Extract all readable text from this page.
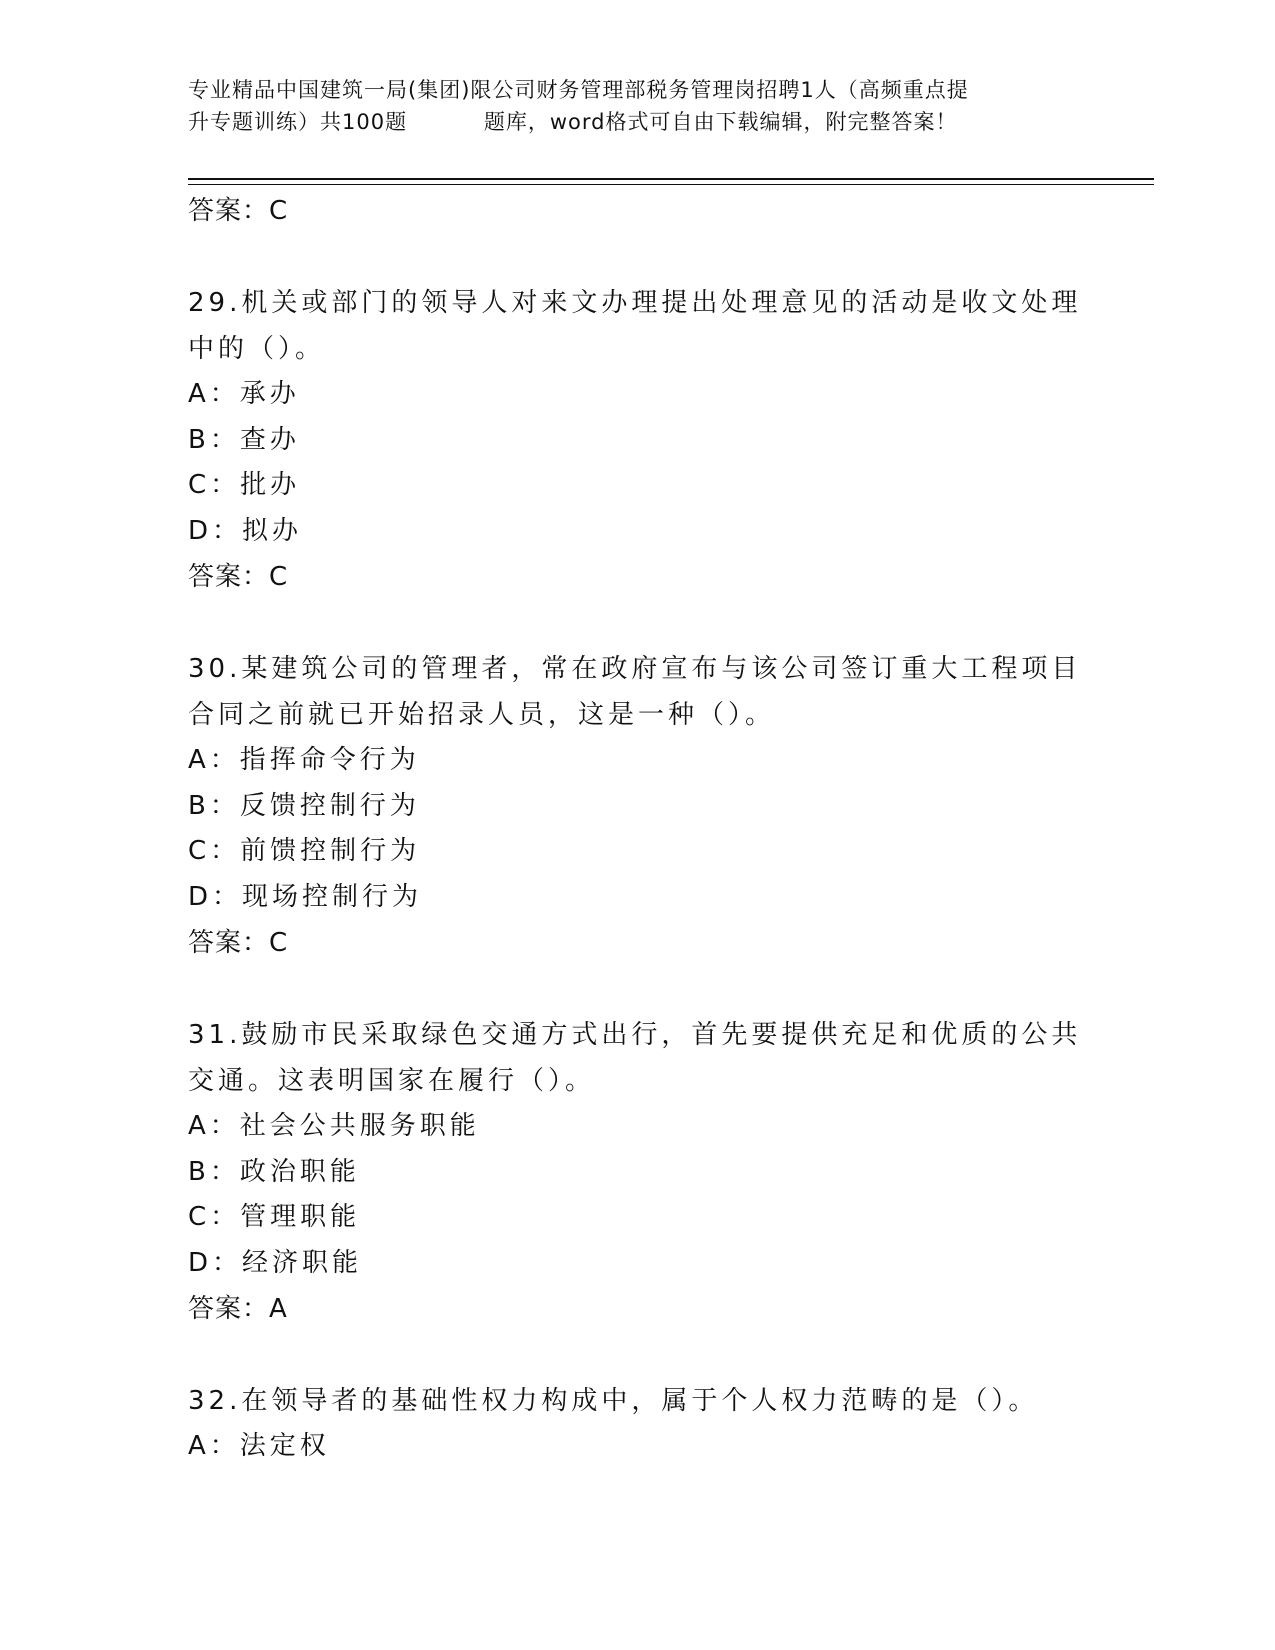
专业精品中国建筑一局(集团)限公司财务管理部税务管理岗招聘1人（高频重点提
升专题训练）共100题          题库，word格式可自由下载编辑，附完整答案！
答案：C
29.机关或部门的领导人对来文办理提出处理意见的活动是收文处理中的（）。
A：承办
B：查办
C：批办
D：拟办
答案：C
30.某建筑公司的管理者，常在政府宣布与该公司签订重大工程项目合同之前就已开始招录人员，这是一种（）。
A：指挥命令行为
B：反馈控制行为
C：前馈控制行为
D：现场控制行为
答案：C
31.鼓励市民采取绿色交通方式出行，首先要提供充足和优质的公共交通。这表明国家在履行（）。
A：社会公共服务职能
B：政治职能
C：管理职能
D：经济职能
答案：A
32.在领导者的基础性权力构成中，属于个人权力范畴的是（）。
A：法定权
